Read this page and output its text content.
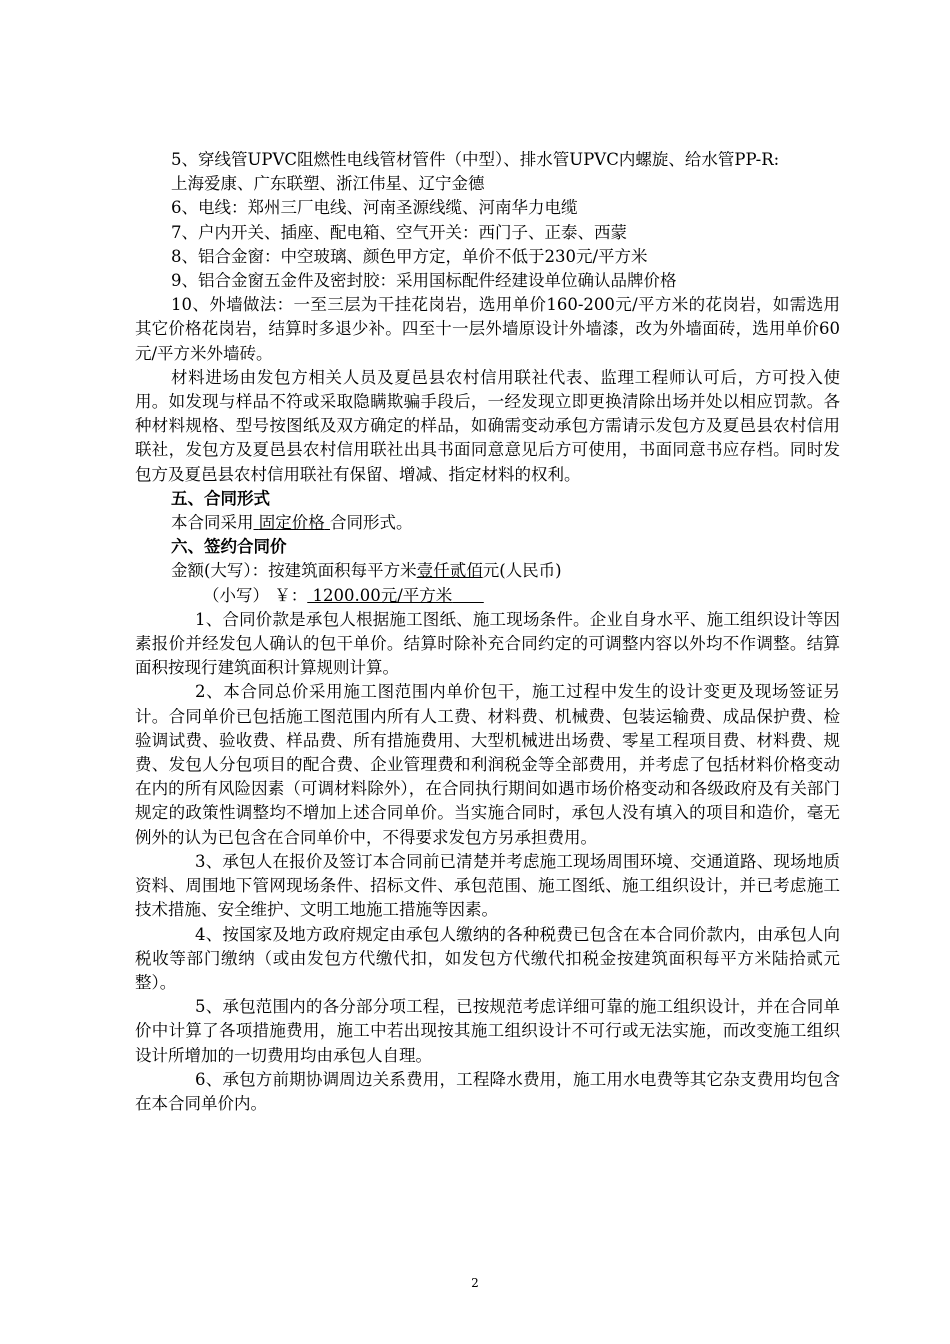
5、穿线管UPVC阻燃性电线管材管件（中型）、排水管UPVC内螺旋、给水管PP-R:

上海爱康、广东联塑、浙江伟星、辽宁金德

6、电线：郑州三厂电线、河南圣源线缆、河南华力电缆

7、户内开关、插座、配电箱、空气开关：西门子、正泰、西蒙

8、铝合金窗：中空玻璃、颜色甲方定，单价不低于230元/平方米

9、铝合金窗五金件及密封胶：采用国标配件经建设单位确认品牌价格

10、外墙做法：一至三层为干挂花岗岩，选用单价160-200元/平方米的花岗岩，如需选用其它价格花岗岩，结算时多退少补。四至十一层外墙原设计外墙漆，改为外墙面砖，选用单价60元/平方米外墙砖。

材料进场由发包方相关人员及夏邑县农村信用联社代表、监理工程师认可后，方可投入使用。如发现与样品不符或采取隐瞒欺骗手段后，一经发现立即更换清除出场并处以相应罚款。各种材料规格、型号按图纸及双方确定的样品，如确需变动承包方需请示发包方及夏邑县农村信用联社，发包方及夏邑县农村信用联社出具书面同意意见后方可使用，书面同意书应存档。同时发包方及夏邑县农村信用联社有保留、增减、指定材料的权利。

五、合同形式

本合同采用 固定价格 合同形式。

六、签约合同价

金额(大写）：按建筑面积每平方米壹仟贰佰元(人民币)

（小写） ￥： 1200.00元/平方米

1、合同价款是承包人根据施工图纸、施工现场条件。企业自身水平、施工组织设计等因素报价并经发包人确认的包干单价。结算时除补充合同约定的可调整内容以外均不作调整。结算面积按现行建筑面积计算规则计算。

2、本合同总价采用施工图范围内单价包干，施工过程中发生的设计变更及现场签证另计。合同单价已包括施工图范围内所有人工费、材料费、机械费、包装运输费、成品保护费、检验调试费、验收费、样品费、所有措施费用、大型机械进出场费、零星工程项目费、材料费、规费、发包人分包项目的配合费、企业管理费和利润税金等全部费用，并考虑了包括材料价格变动在内的所有风险因素（可调材料除外），在合同执行期间如遇市场价格变动和各级政府及有关部门规定的政策性调整均不增加上述合同单价。当实施合同时，承包人没有填入的项目和造价，毫无例外的认为已包含在合同单价中，不得要求发包方另承担费用。

3、承包人在报价及签订本合同前已清楚并考虑施工现场周围环境、交通道路、现场地质资料、周围地下管网现场条件、招标文件、承包范围、施工图纸、施工组织设计，并已考虑施工技术措施、安全维护、文明工地施工措施等因素。

4、按国家及地方政府规定由承包人缴纳的各种税费已包含在本合同价款内，由承包人向税收等部门缴纳（或由发包方代缴代扣，如发包方代缴代扣税金按建筑面积每平方米陆拾贰元整）。

5、承包范围内的各分部分项工程，已按规范考虑详细可靠的施工组织设计，并在合同单价中计算了各项措施费用，施工中若出现按其施工组织设计不可行或无法实施，而改变施工组织设计所增加的一切费用均由承包人自理。

6、承包方前期协调周边关系费用，工程降水费用，施工用水电费等其它杂支费用均包含在本合同单价内。

2
